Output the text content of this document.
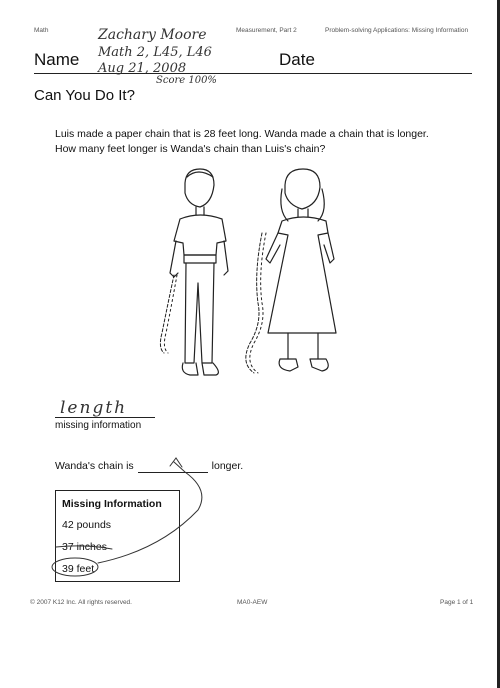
Math	Measurement, Part 2	Problem-solving Applications: Missing Information
Name	Date
Zachary Moore
Math 2, L45, L46
Aug 21, 2008
Score 100%
Can You Do It?
Luis made a paper chain that is 28 feet long. Wanda made a chain that is longer.
How many feet longer is Wanda's chain than Luis's chain?
length
missing information
Wanda's chain is	longer.
Missing Information
42 pounds
37 inches
39 feet
© 2007 K12 Inc. All rights reserved.	MA0-AEW	Page 1 of 1
